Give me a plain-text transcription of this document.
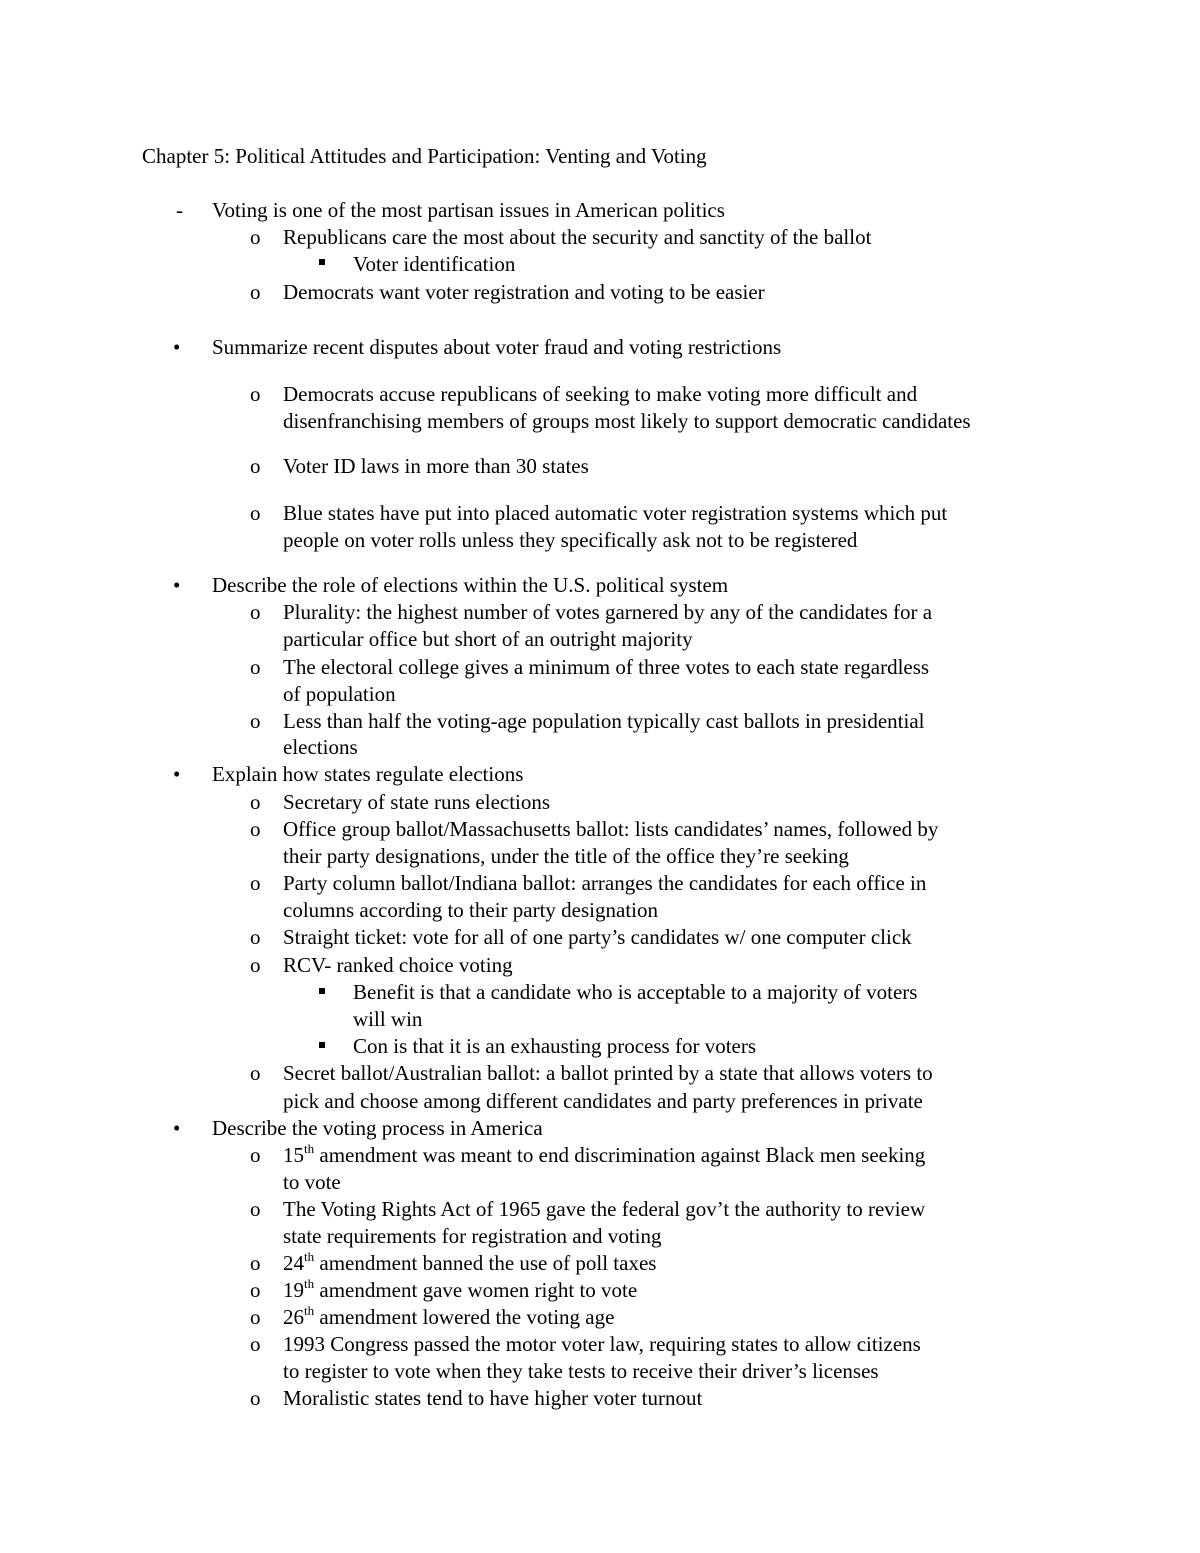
Chapter 5: Political Attitudes and Participation: Venting and Voting
- Voting is one of the most partisan issues in American politics
o Republicans care the most about the security and sanctity of the ballot
Voter identification
o Democrats want voter registration and voting to be easier
• Summarize recent disputes about voter fraud and voting restrictions
o Democrats accuse republicans of seeking to make voting more difficult and
disenfranchising members of groups most likely to support democratic candidates
o Voter ID laws in more than 30 states
o Blue states have put into placed automatic voter registration systems which put
people on voter rolls unless they specifically ask not to be registered
• Describe the role of elections within the U.S. political system
o Plurality: the highest number of votes garnered by any of the candidates for a
particular office but short of an outright majority
o The electoral college gives a minimum of three votes to each state regardless
of population
o Less than half the voting-age population typically cast ballots in presidential
elections
• Explain how states regulate elections
o Secretary of state runs elections
o Office group ballot/Massachusetts ballot: lists candidates’ names, followed by
their party designations, under the title of the office they’re seeking
o Party column ballot/Indiana ballot: arranges the candidates for each office in
columns according to their party designation
o Straight ticket: vote for all of one party’s candidates w/ one computer click
o RCV- ranked choice voting
Benefit is that a candidate who is acceptable to a majority of voters
will win
Con is that it is an exhausting process for voters
o Secret ballot/Australian ballot: a ballot printed by a state that allows voters to
pick and choose among different candidates and party preferences in private
• Describe the voting process in America
o 15th amendment was meant to end discrimination against Black men seeking
to vote
o The Voting Rights Act of 1965 gave the federal gov’t the authority to review
state requirements for registration and voting
o 24th amendment banned the use of poll taxes
o 19th amendment gave women right to vote
o 26th amendment lowered the voting age
o 1993 Congress passed the motor voter law, requiring states to allow citizens
to register to vote when they take tests to receive their driver’s licenses
o Moralistic states tend to have higher voter turnout
